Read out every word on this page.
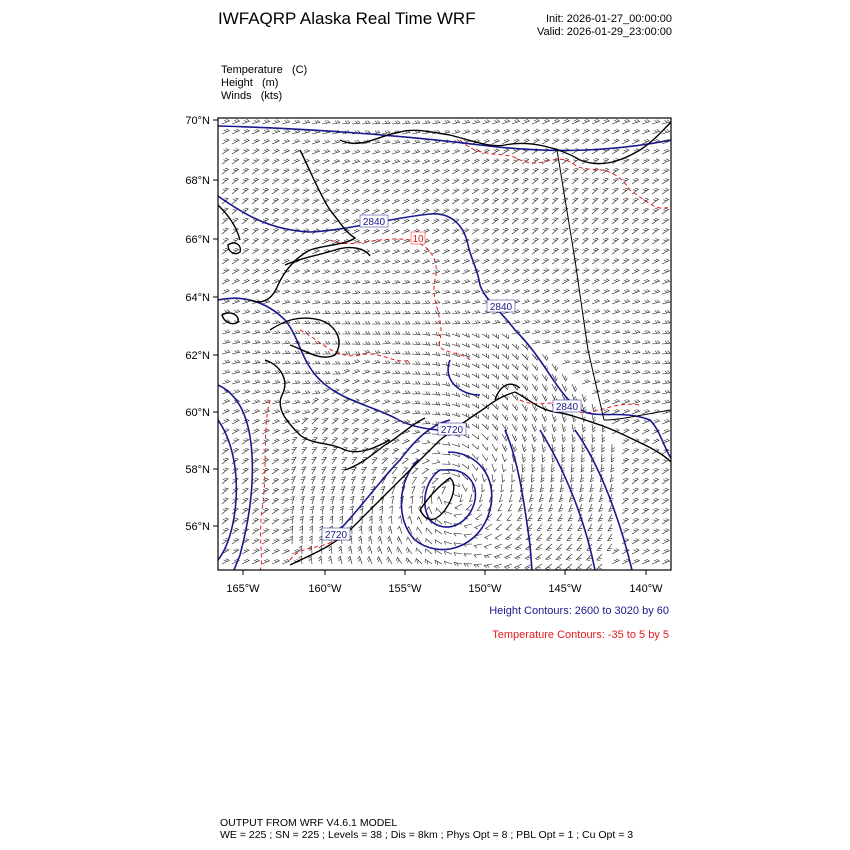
IWFAQRP Alaska Real Time WRF	Init: 2026-01-27_00:00:00
Valid: 2026-01-29_23:00:00
Temperature (C)
Height (m)
Winds (kts)
2840
2840
2840
2720
2720
10
70°N
68°N
66°N
64°N
62°N
60°N
58°N
56°N
165°W	160°W	155°W	150°W	145°W	140°W
Height Contours: 2600 to 3020 by 60
Temperature Contours: -35 to 5 by 5
OUTPUT FROM WRF V4.6.1 MODEL
WE = 225 ; SN = 225 ; Levels = 38 ; Dis = 8km ; Phys Opt = 8 ; PBL Opt = 1 ; Cu Opt = 3
